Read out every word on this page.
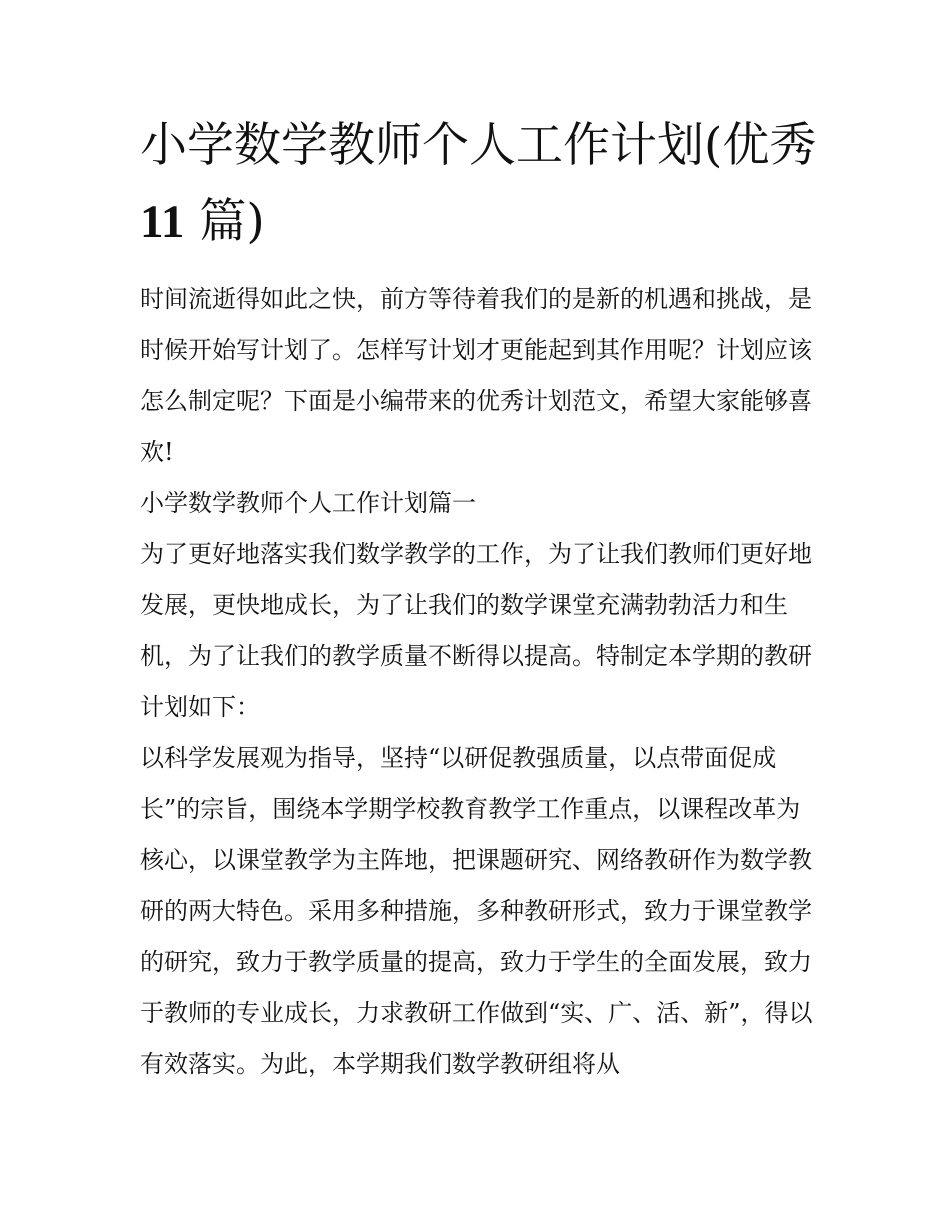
小学数学教师个人工作计划(优秀11 篇)

时间流逝得如此之快，前方等待着我们的是新的机遇和挑战，是时候开始写计划了。怎样写计划才更能起到其作用呢？计划应该怎么制定呢？下面是小编带来的优秀计划范文，希望大家能够喜欢!

小学数学教师个人工作计划篇一

为了更好地落实我们数学教学的工作，为了让我们教师们更好地发展，更快地成长，为了让我们的数学课堂充满勃勃活力和生机，为了让我们的教学质量不断得以提高。特制定本学期的教研计划如下：

以科学发展观为指导，坚持“以研促教强质量，以点带面促成长”的宗旨，围绕本学期学校教育教学工作重点，以课程改革为核心，以课堂教学为主阵地，把课题研究、网络教研作为数学教研的两大特色。采用多种措施，多种教研形式，致力于课堂教学的研究，致力于教学质量的提高，致力于学生的全面发展，致力于教师的专业成长，力求教研工作做到“实、广、活、新”，得以有效落实。为此，本学期我们数学教研组将从
